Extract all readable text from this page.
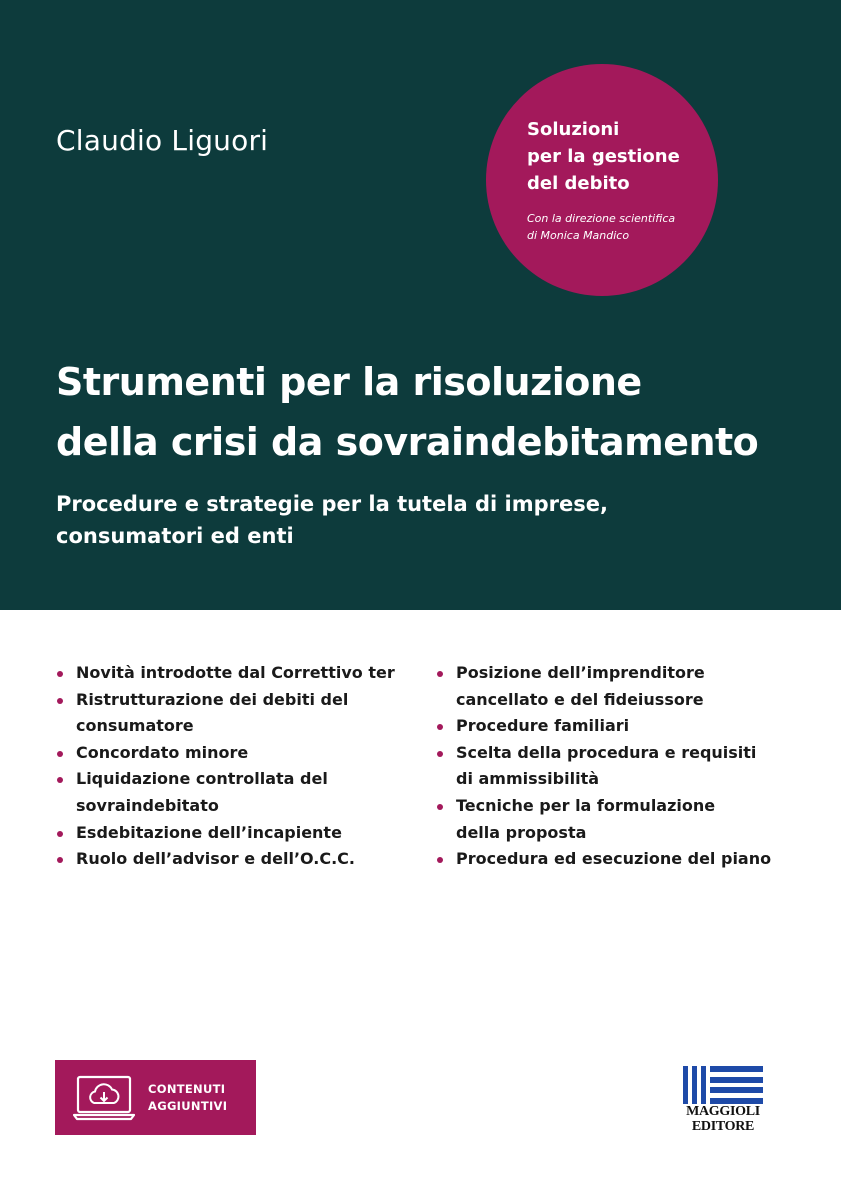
Claudio Liguori	Soluzioni
per la gestione
del debito
Con la direzione scientifica
di Monica Mandico
Strumenti per la risoluzione
della crisi da sovraindebitamento
Procedure e strategie per la tutela di imprese,
consumatori ed enti
Novità introdotte dal Correttivo ter
Ristrutturazione dei debiti del
consumatore
Concordato minore
Liquidazione controllata del
sovraindebitato
Esdebitazione dell’incapiente
Ruolo dell’advisor e dell’O.C.C.
Posizione dell’imprenditore
cancellato e del fideiussore
Procedure familiari
Scelta della procedura e requisiti
di ammissibilità
Tecniche per la formulazione
della proposta
Procedura ed esecuzione del piano
CONTENUTI
AGGIUNTIVI	MAGGIOLI
EDITORE
